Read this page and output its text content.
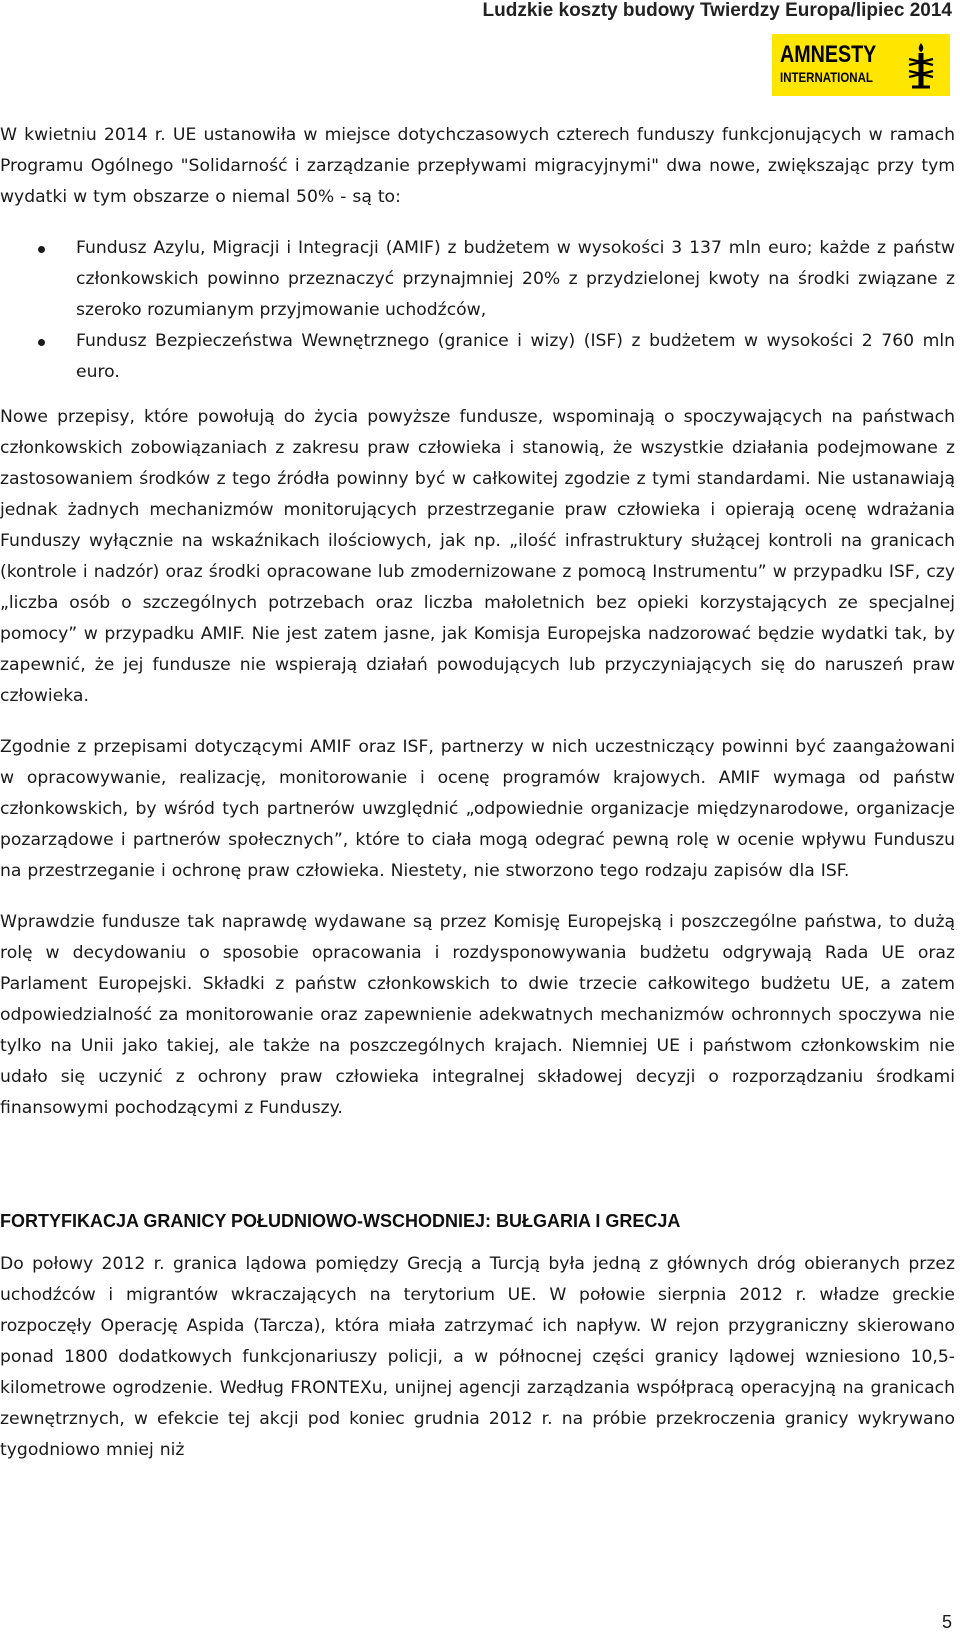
Ludzkie koszty budowy Twierdzy Europa/lipiec 2014
AMNESTY
INTERNATIONAL

W kwietniu 2014 r. UE ustanowiła w miejsce dotychczasowych czterech funduszy funkcjonujących w ramach Programu Ogólnego "Solidarność i zarządzanie przepływami migracyjnymi" dwa nowe, zwiększając przy tym wydatki w tym obszarze o niemal 50% - są to:

Fundusz Azylu, Migracji i Integracji (AMIF) z budżetem w wysokości 3 137 mln euro; każde z państw członkowskich powinno przeznaczyć przynajmniej 20% z przydzielonej kwoty na środki związane z szeroko rozumianym przyjmowanie uchodźców,
Fundusz Bezpieczeństwa Wewnętrznego (granice i wizy) (ISF) z budżetem w wysokości 2 760 mln euro.

Nowe przepisy, które powołują do życia powyższe fundusze, wspominają o spoczywających na państwach członkowskich zobowiązaniach z zakresu praw człowieka i stanowią, że wszystkie działania podejmowane z zastosowaniem środków z tego źródła powinny być w całkowitej zgodzie z tymi standardami. Nie ustanawiają jednak żadnych mechanizmów monitorujących przestrzeganie praw człowieka i opierają ocenę wdrażania Funduszy wyłącznie na wskaźnikach ilościowych, jak np. „ilość infrastruktury służącej kontroli na granicach (kontrole i nadzór) oraz środki opracowane lub zmodernizowane z pomocą Instrumentu” w przypadku ISF, czy „liczba osób o szczególnych potrzebach oraz liczba małoletnich bez opieki korzystających ze specjalnej pomocy” w przypadku AMIF. Nie jest zatem jasne, jak Komisja Europejska nadzorować będzie wydatki tak, by zapewnić, że jej fundusze nie wspierają działań powodujących lub przyczyniających się do naruszeń praw człowieka.

Zgodnie z przepisami dotyczącymi AMIF oraz ISF, partnerzy w nich uczestniczący powinni być zaangażowani w opracowywanie, realizację, monitorowanie i ocenę programów krajowych. AMIF wymaga od państw członkowskich, by wśród tych partnerów uwzględnić „odpowiednie organizacje międzynarodowe, organizacje pozarządowe i partnerów społecznych”, które to ciała mogą odegrać pewną rolę w ocenie wpływu Funduszu na przestrzeganie i ochronę praw człowieka. Niestety, nie stworzono tego rodzaju zapisów dla ISF.

Wprawdzie fundusze tak naprawdę wydawane są przez Komisję Europejską i poszczególne państwa, to dużą rolę w decydowaniu o sposobie opracowania i rozdysponowywania budżetu odgrywają Rada UE oraz Parlament Europejski. Składki z państw członkowskich to dwie trzecie całkowitego budżetu UE, a zatem odpowiedzialność za monitorowanie oraz zapewnienie adekwatnych mechanizmów ochronnych spoczywa nie tylko na Unii jako takiej, ale także na poszczególnych krajach. Niemniej UE i państwom członkowskim nie udało się uczynić z ochrony praw człowieka integralnej składowej decyzji o rozporządzaniu środkami finansowymi pochodzącymi z Funduszy.

FORTYFIKACJA GRANICY POŁUDNIOWO-WSCHODNIEJ: BUŁGARIA I GRECJA

Do połowy 2012 r. granica lądowa pomiędzy Grecją a Turcją była jedną z głównych dróg obieranych przez uchodźców i migrantów wkraczających na terytorium UE. W połowie sierpnia 2012 r. władze greckie rozpoczęły Operację Aspida (Tarcza), która miała zatrzymać ich napływ. W rejon przygraniczny skierowano ponad 1800 dodatkowych funkcjonariuszy policji, a w północnej części granicy lądowej wzniesiono 10,5-kilometrowe ogrodzenie. Według FRONTEXu, unijnej agencji zarządzania współpracą operacyjną na granicach zewnętrznych, w efekcie tej akcji pod koniec grudnia 2012 r. na próbie przekroczenia granicy wykrywano tygodniowo mniej niż

5
